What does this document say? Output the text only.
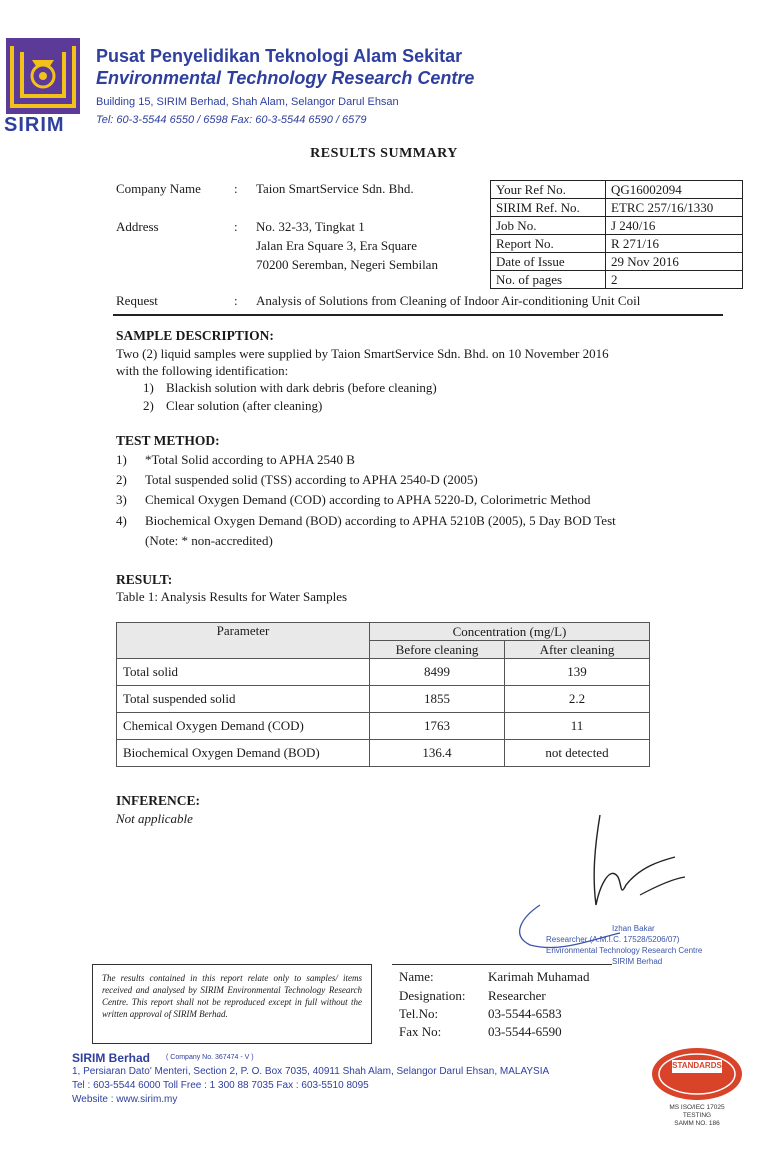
SIRIM
Pusat Penyelidikan Teknologi Alam Sekitar
Environmental Technology Research Centre
Building 15, SIRIM Berhad, Shah Alam, Selangor Darul Ehsan
Tel: 60-3-5544 6550 / 6598 Fax: 60-3-5544 6590 / 6579
RESULTS SUMMARY
Company Name	: Taion SmartService Sdn. Bhd.
Address	: No. 32-33, Tingkat 1
Jalan Era Square 3, Era Square
70200 Seremban, Negeri Sembilan
Your Ref No.	QG16002094
SIRIM Ref. No.	ETRC 257/16/1330
Job No.	J 240/16
Report No.	R 271/16
Date of Issue	29 Nov 2016
No. of pages	2
Request	: Analysis of Solutions from Cleaning of Indoor Air-conditioning Unit Coil
SAMPLE DESCRIPTION:
Two (2) liquid samples were supplied by Taion SmartService Sdn. Bhd. on 10 November 2016
with the following identification:
1) Blackish solution with dark debris (before cleaning)
2) Clear solution (after cleaning)
TEST METHOD:
1) *Total Solid according to APHA 2540 B
2) Total suspended solid (TSS) according to APHA 2540-D (2005)
3) Chemical Oxygen Demand (COD) according to APHA 5220-D, Colorimetric Method
4) Biochemical Oxygen Demand (BOD) according to APHA 5210B (2005), 5 Day BOD Test
(Note: * non-accredited)
RESULT:
Table 1: Analysis Results for Water Samples
Parameter	Concentration (mg/L)	
	Before cleaning	After cleaning
Total solid	8499	139
Total suspended solid	1855	2.2
Chemical Oxygen Demand (COD)	1763	11
Biochemical Oxygen Demand (BOD)	136.4	not detected
INFERENCE:
Not applicable
Izhan Bakar
Researcher (A.M.I.C. 17528/5206/07)
Environmental Technology Research Centre
SIRIM Berhad
The results contained in this report relate only to samples/ items received and analysed by SIRIM Environmental Technology Research Centre. This report shall not be reproduced except in full without the written approval of SIRIM Berhad.
Name:	Karimah Muhamad
Designation: Researcher
Tel.No:	03-5544-6583
Fax No:	03-5544-6590
SIRIM Berhad ( Company No. 367474 - V )
1, Persiaran Dato' Menteri, Section 2, P. O. Box 7035, 40911 Shah Alam, Selangor Darul Ehsan, MALAYSIA
Tel : 603-5544 6000 Toll Free : 1 300 88 7035 Fax : 603-5510 8095
Website : www.sirim.my
STANDARDS
MS ISO/IEC 17025
TESTING
SAMM NO. 186
